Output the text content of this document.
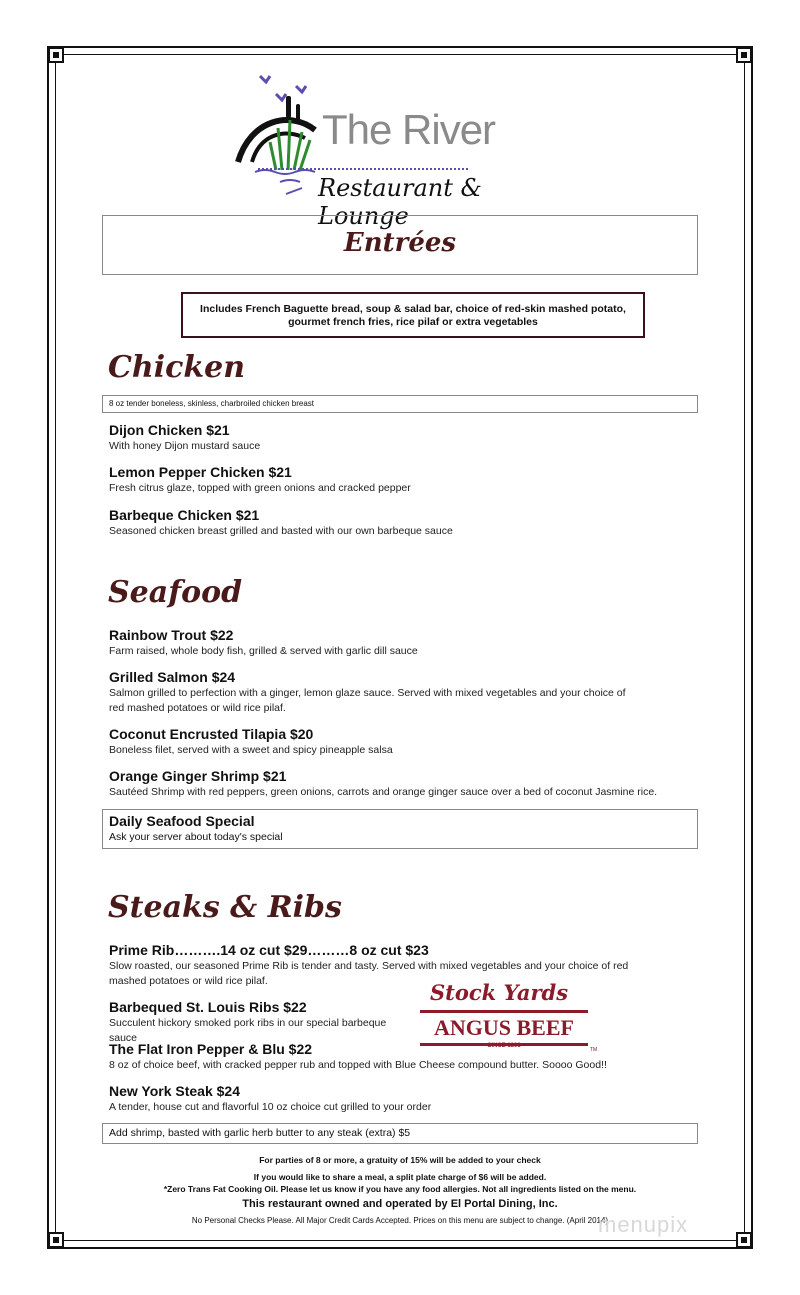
The River
Restaurant & Lounge
Entrées
Includes French Baguette bread, soup & salad bar, choice of red-skin mashed potato, gourmet french fries, rice pilaf or extra vegetables
Chicken
8 oz tender boneless, skinless, charbroiled chicken breast
Dijon Chicken $21
With honey Dijon mustard sauce
Lemon Pepper Chicken $21
Fresh citrus glaze, topped with green onions and cracked pepper
Barbeque Chicken $21
Seasoned chicken breast grilled and basted with our own barbeque sauce
Seafood
Rainbow Trout $22
Farm raised, whole body fish, grilled & served with garlic dill sauce
Grilled Salmon $24
Salmon grilled to perfection with a ginger, lemon glaze sauce. Served with mixed vegetables and your choice of red mashed potatoes or wild rice pilaf.
Coconut Encrusted Tilapia $20
Boneless filet, served with a sweet and spicy pineapple salsa
Orange Ginger Shrimp $21
Sautéed Shrimp with red peppers, green onions, carrots and orange ginger sauce over a bed of coconut Jasmine rice.
Daily Seafood Special
Ask your server about today's special
Steaks & Ribs
Prime Rib……….14 oz cut $29………8 oz cut $23
Slow roasted, our seasoned Prime Rib is tender and tasty. Served with mixed vegetables and your choice of red mashed potatoes or wild rice pilaf.
Barbequed St. Louis Ribs $22
Succulent hickory smoked pork ribs in our special barbeque sauce
The Flat Iron Pepper & Blu $22
8 oz of choice beef, with cracked pepper rub and topped with Blue Cheese compound butter. Soooo Good!!
New York Steak $24
A tender, house cut and flavorful 10 oz choice cut grilled to your order
Add shrimp, basted with garlic herb butter to any steak (extra) $5
Stock Yards
ANGUS BEEF
SINCE 1893
TM
For parties of 8 or more, a gratuity of 15% will be added to your check
If you would like to share a meal, a split plate charge of $6 will be added.
*Zero Trans Fat Cooking Oil. Please let us know if you have any food allergies. Not all ingredients listed on the menu.
This restaurant owned and operated by El Portal Dining, Inc.
No Personal Checks Please. All Major Credit Cards Accepted. Prices on this menu are subject to change. (April 2014)
menupix
